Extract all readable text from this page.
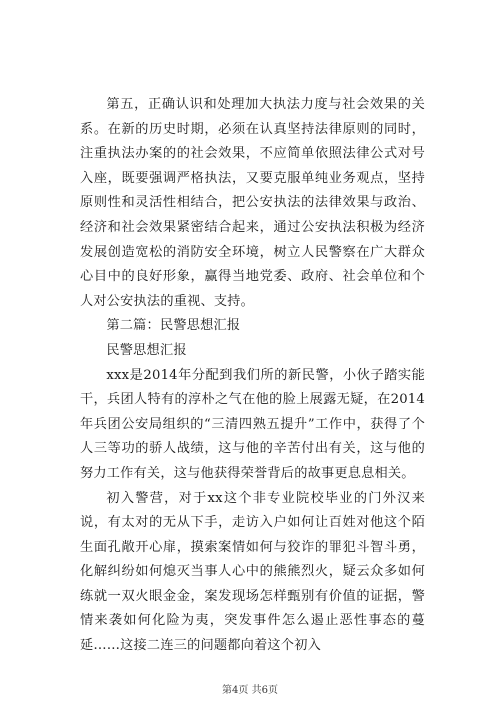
第五，正确认识和处理加大执法力度与社会效果的关系。在新的历史时期，必须在认真坚持法律原则的同时，注重执法办案的的社会效果，不应简单依照法律公式对号入座，既要强调严格执法，又要克服单纯业务观点，坚持原则性和灵活性相结合，把公安执法的法律效果与政治、经济和社会效果紧密结合起来，通过公安执法积极为经济发展创造宽松的消防安全环境，树立人民警察在广大群众心目中的良好形象，赢得当地党委、政府、社会单位和个人对公安执法的重视、支持。

第二篇：民警思想汇报

民警思想汇报

xxx是2014年分配到我们所的新民警，小伙子踏实能干，兵团人特有的淳朴之气在他的脸上展露无疑，在2014年兵团公安局组织的“三清四熟五提升”工作中，获得了个人三等功的骄人战绩，这与他的辛苦付出有关，这与他的努力工作有关，这与他获得荣誉背后的故事更息息相关。

初入警营，对于xx这个非专业院校毕业的门外汉来说，有太对的无从下手，走访入户如何让百姓对他这个陌生面孔敞开心扉，摸索案情如何与狡诈的罪犯斗智斗勇，化解纠纷如何熄灭当事人心中的熊熊烈火，疑云众多如何练就一双火眼金金，案发现场怎样甄别有价值的证据，警情来袭如何化险为夷，突发事件怎么遏止恶性事态的蔓延……这接二连三的问题都向着这个初入

第4页 共6页
